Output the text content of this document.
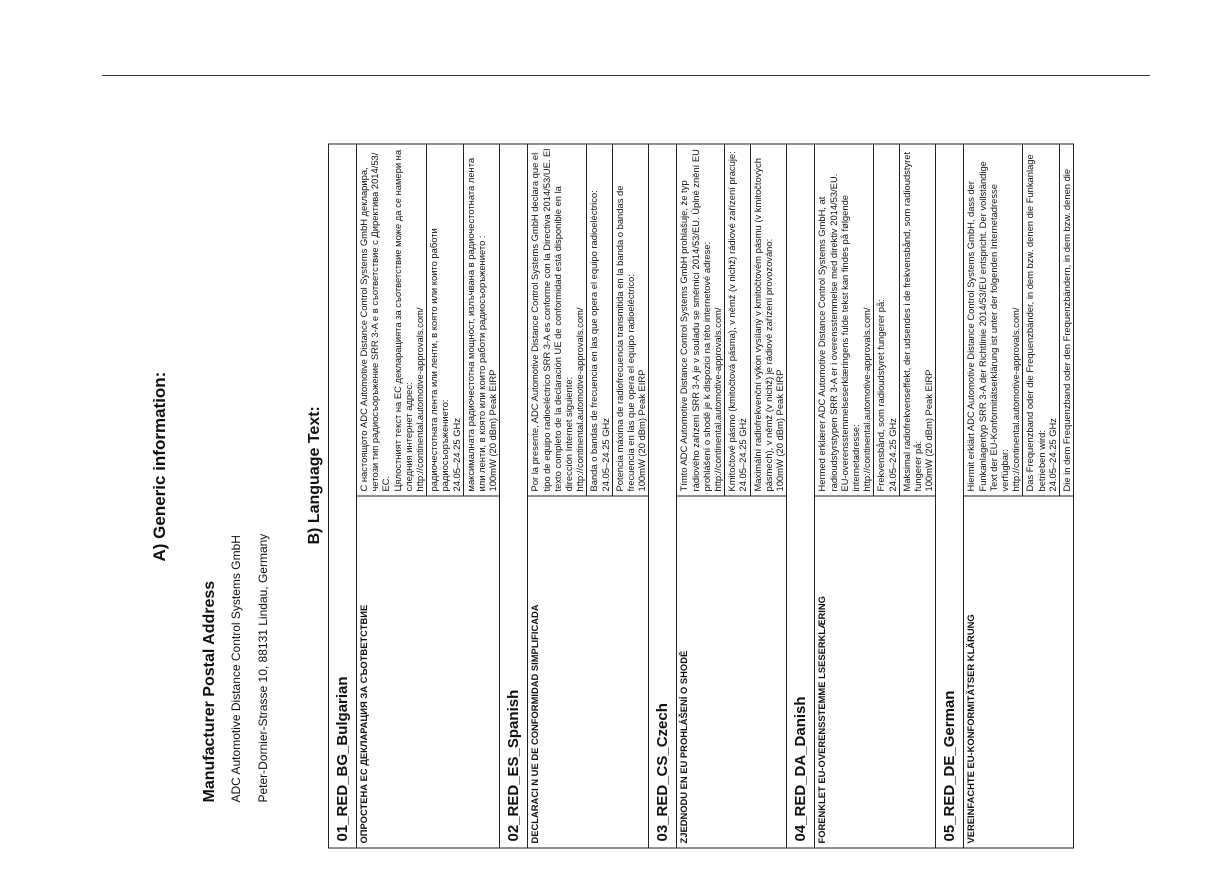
A) Generic information:
Manufacturer Postal Address ADC Automotive Distance Control Systems GmbH Peter-Dornier-Strasse 10, 88131 Lindau, Germany
B) Language Text:
01_RED_BG_Bulgarian	
ОПРОСТЕНА ЕС ДЕКЛАРАЦИЯ ЗА СЪОТВЕТСТВИЕ	С настоящото ADC Automotive Distance Control Systems GmbH декларира, четози тип радиосъоръжение SRR 3-A е в съответствие с Директива 2014/53/ЕС.
Цялостният текст на ЕС декларацията за съответствие може да се намери на следния интернет адрес:
http://continental.automotive-approvals.com/
	радиочестотната лента или ленти, в която или които работи радиосъоръжението:
24.05–24.25 GHz
	максималната радиочестотна мощност, излъчвана в радиочестотната лента или ленти, в която или които работи радиосъоръжението :
100mW (20 dBm) Peak EIRP
02_RED_ES_Spanish	
DECLARACI N UE DE CONFORMIDAD SIMPLIFICADA	Por la presente, ADC Automotive Distance Control Systems GmbH declara que el tipo de equipo radioeléctrico SRR 3-A es conforme con la Directiva 2014/53/UE. El texto completo de la declaración UE de conformidad está disponible en la dirección Internet siguiente:
http://continental.automotive-approvals.com/
	Banda o bandas de frecuencia en las que opera el equipo radioeléctrico:
24.05–24.25 GHz
	Potencia máxima de radiofrecuencia transmitida en la banda o bandas de frecuencia en las que opera el equipo radioeléctrico:
100mW (20 dBm) Peak EIRP
03_RED_CS_Czech	
ZJEDNODU EN EU PROHLÁŠENÍ O SHODĚ	Tímto ADC Automotive Distance Control Systems GmbH prohlašuje, že typ rádiového zařízení SRR 3-A je v souladu se směrnicí 2014/53/EU. Úplné znění EU prohlášení o shodě je k dispozici na této internetové adrese:
http://continental.automotive-approvals.com/
	Kmitočtové pásmo (kmitočtová pásma), v němž (v nichž) rádiové zařízení pracuje:
24.05–24.25 GHz
	Maximální radiofrekvenční výkon vysílaný v kmitočtovém pásmu (v kmitočtových pásmech), v němž (v nichž) je rádiové zařízení provozováno:
100mW (20 dBm) Peak EIRP
04_RED_DA_Danish	
FORENKLET EU-OVERENSSTEMME LSESERKLÆRING	Hermed erklærer ADC Automotive Distance Control Systems GmbH, at radioudstyrstypen SRR 3-A er i overensstemmelse med direktiv 2014/53/EU.
EU-overensstemmelseserklæringens fulde tekst kan findes på følgende internetadresse:
http://continental.automotive-approvals.com/
	Frekvensbånd, som radioudstyret fungerer på:
24.05–24.25 GHz
	Maksimal radiofrekvenseffekt, der udsendes i de frekvensbånd, som radioudstyret fungerer på:
100mW (20 dBm) Peak EIRP
05_RED_DE_German	
VEREINFACHTE EU-KONFORMITÄTSER KLÄRUNG	Hiermit erklärt ADC Automotive Distance Control Systems GmbH, dass der Funkanlagentyp SRR 3-A der Richtlinie 2014/53/EU entspricht. Der vollständige Text der EU-Konformitätserklärung ist unter der folgenden Internetadresse verfügbar:
http://continental.automotive-approvals.com/
	Das Frequenzband oder die Frequenzbänder, in dem bzw. denen die Funkanlage betrieben wird:
24.05–24.25 GHz
	Die in dem Frequenzband oder den Frequenzbändern, in dem bzw. denen die
